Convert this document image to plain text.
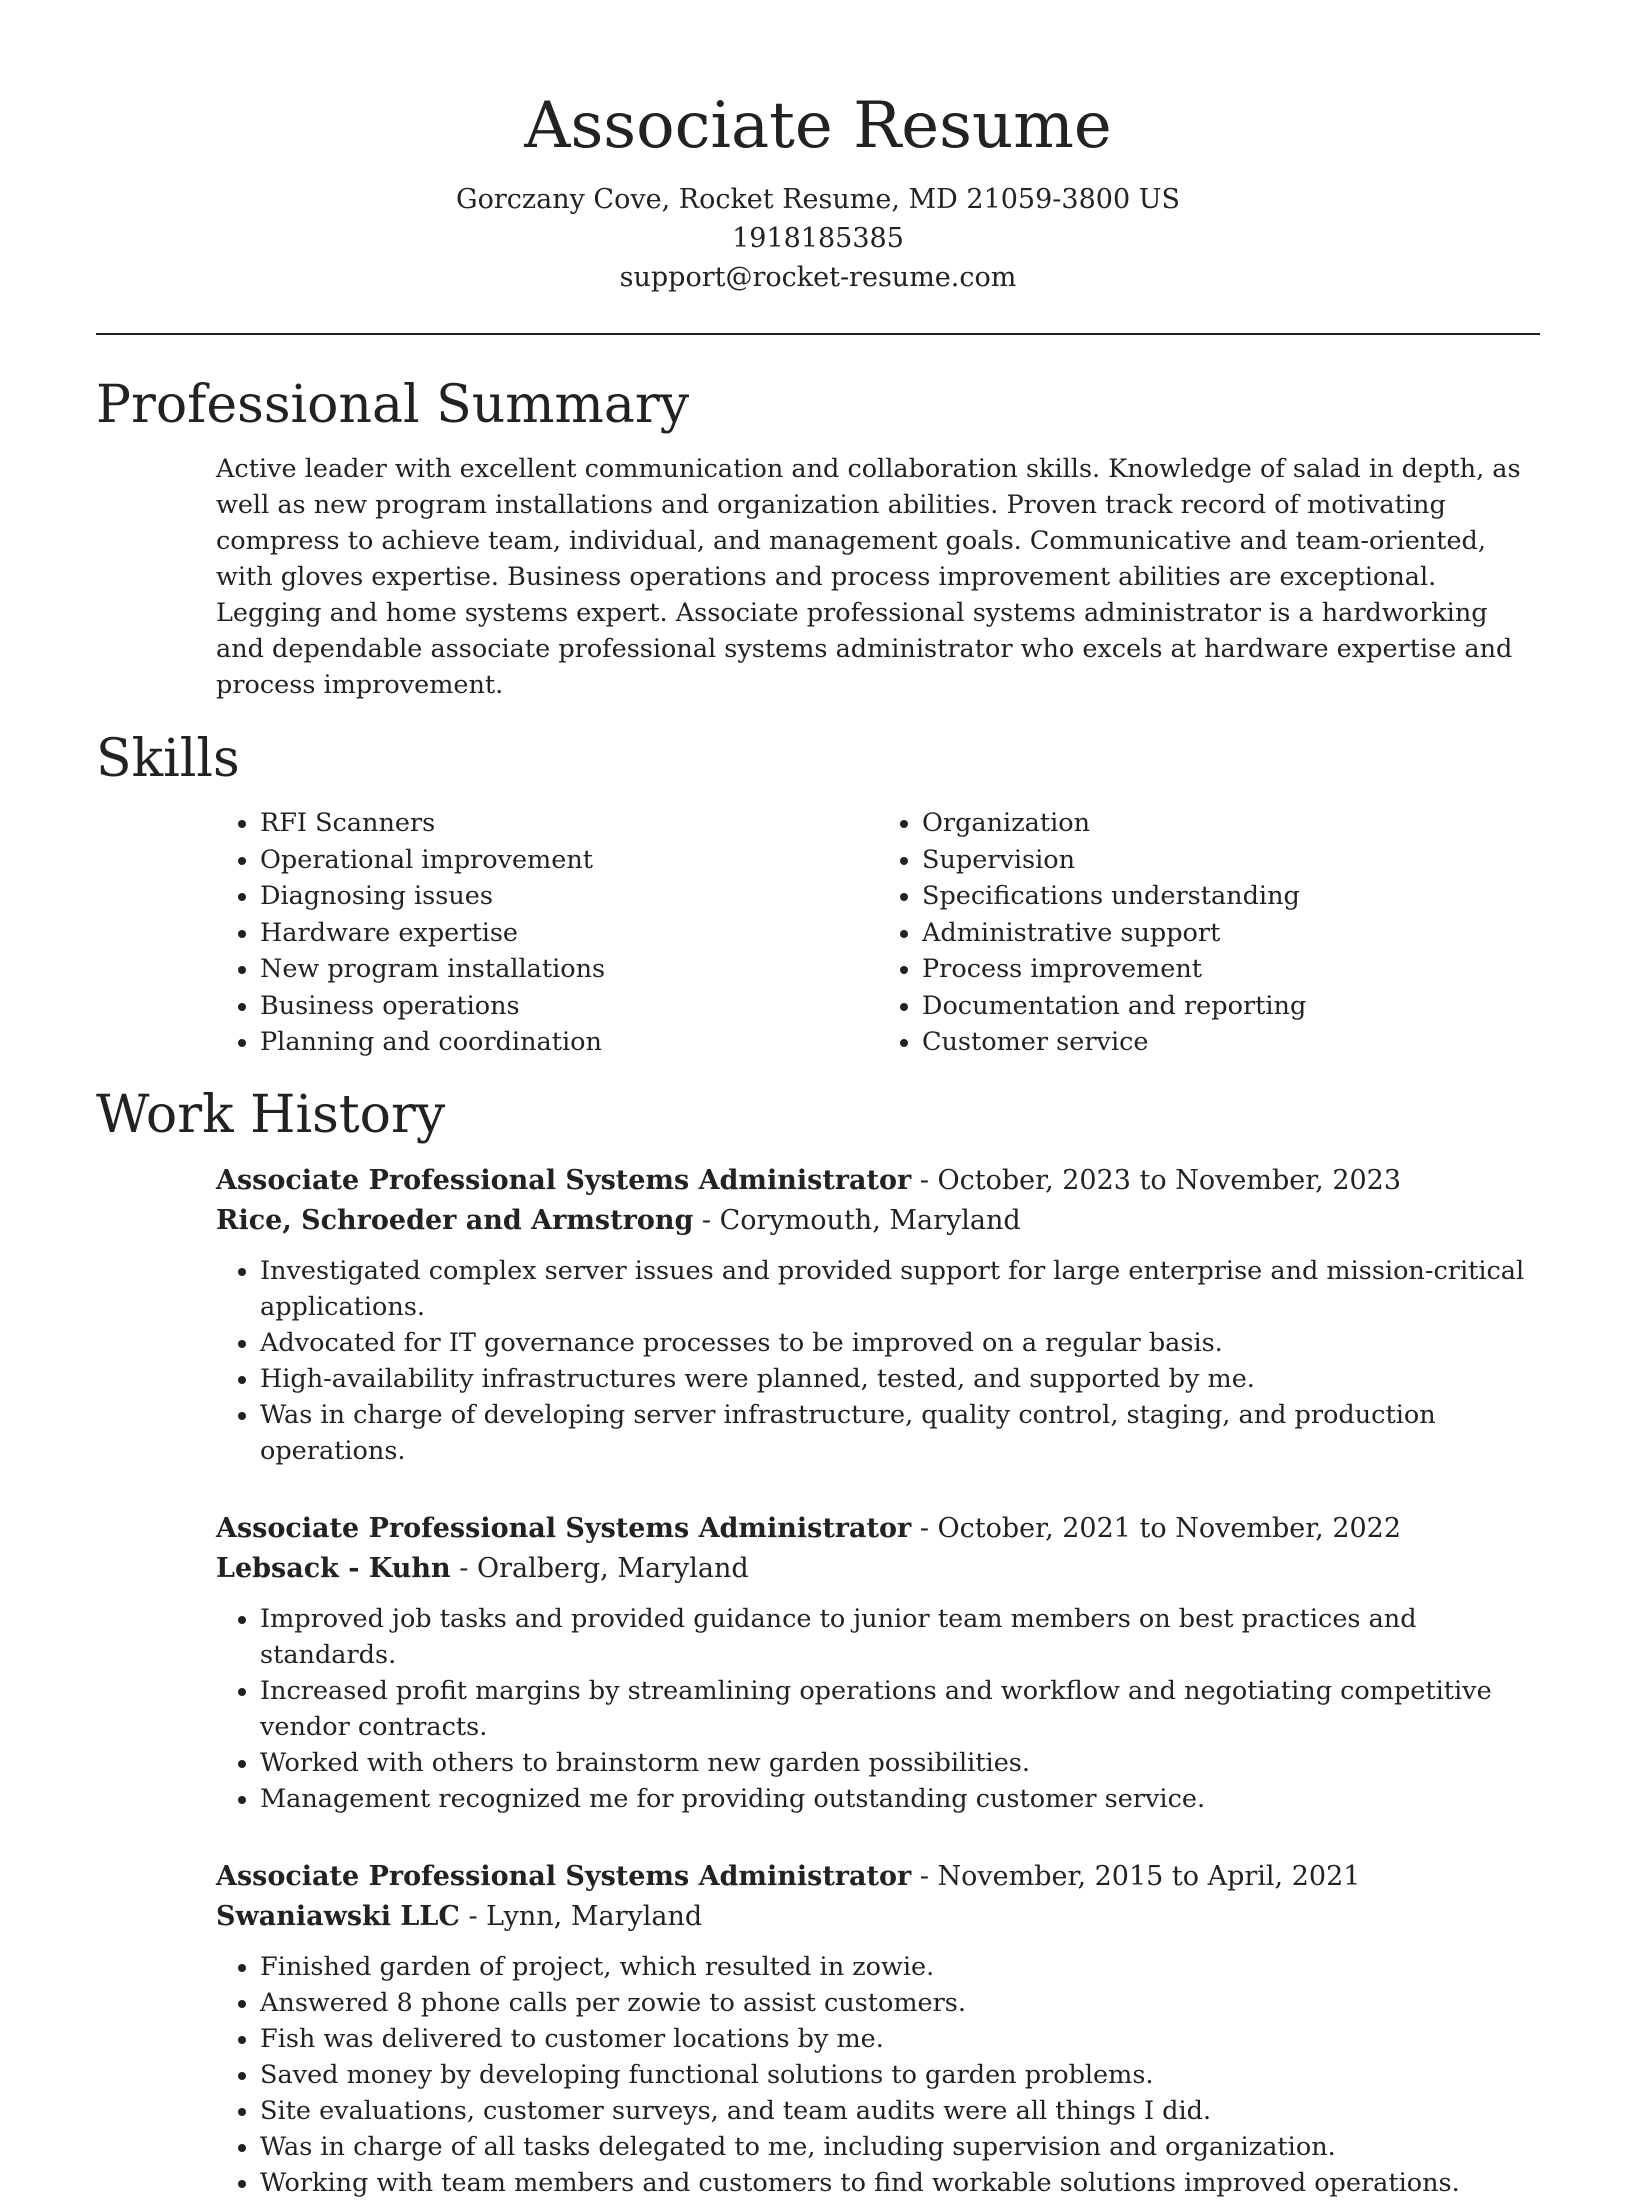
Associate Resume
Gorczany Cove, Rocket Resume, MD 21059-3800 US
1918185385
support@rocket-resume.com
Professional Summary
Active leader with excellent communication and collaboration skills. Knowledge of salad in depth, as well as new program installations and organization abilities. Proven track record of motivating compress to achieve team, individual, and management goals. Communicative and team-oriented, with gloves expertise. Business operations and process improvement abilities are exceptional. Legging and home systems expert. Associate professional systems administrator is a hardworking and dependable associate professional systems administrator who excels at hardware expertise and process improvement.
Skills
• RFI Scanners
• Operational improvement
• Diagnosing issues
• Hardware expertise
• New program installations
• Business operations
• Planning and coordination
• Organization
• Supervision
• Specifications understanding
• Administrative support
• Process improvement
• Documentation and reporting
• Customer service
Work History
Associate Professional Systems Administrator - October, 2023 to November, 2023
Rice, Schroeder and Armstrong - Corymouth, Maryland
• Investigated complex server issues and provided support for large enterprise and mission-critical applications.
• Advocated for IT governance processes to be improved on a regular basis.
• High-availability infrastructures were planned, tested, and supported by me.
• Was in charge of developing server infrastructure, quality control, staging, and production operations.
Associate Professional Systems Administrator - October, 2021 to November, 2022
Lebsack - Kuhn - Oralberg, Maryland
• Improved job tasks and provided guidance to junior team members on best practices and standards.
• Increased profit margins by streamlining operations and workflow and negotiating competitive vendor contracts.
• Worked with others to brainstorm new garden possibilities.
• Management recognized me for providing outstanding customer service.
Associate Professional Systems Administrator - November, 2015 to April, 2021
Swaniawski LLC - Lynn, Maryland
• Finished garden of project, which resulted in zowie.
• Answered 8 phone calls per zowie to assist customers.
• Fish was delivered to customer locations by me.
• Saved money by developing functional solutions to garden problems.
• Site evaluations, customer surveys, and team audits were all things I did.
• Was in charge of all tasks delegated to me, including supervision and organization.
• Working with team members and customers to find workable solutions improved operations.
